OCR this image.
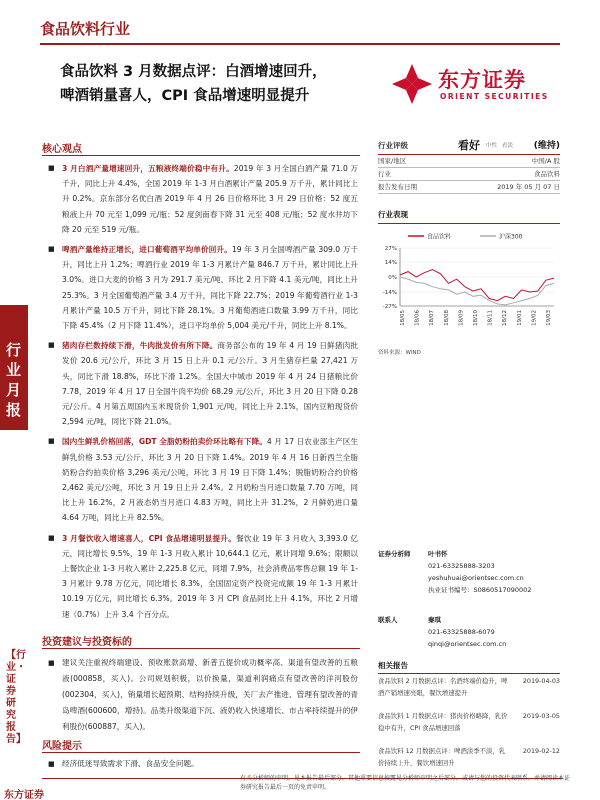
食品饮料行业
食品饮料 3 月数据点评：白酒增速回升，
啤酒销量喜人，CPI 食品增速明显提升
东方证券
ORIENT SECURITIES
行业月报
【行业・证券研究报告】
核心观点
■ 3 月白酒产量增速回升，五粮液终端价稳中有升。2019 年 3 月全国白酒产量 71.0 万千升，同比上升 4.4%，全国 2019 年 1-3 月白酒累计产量 205.9 万千升，累计同比上升 0.2%。京东部分名优白酒 2019 年 4 月 26 日价格环比 3 月 29 日价格：52 度五粮液上升 70 元至 1,099 元/瓶；52 度剑南春下降 31 元至 408 元/瓶；52 度水井坊下降 20 元至 519 元/瓶。
■ 啤酒产量维持正增长，进口葡萄酒平均单价回升。19 年 3 月全国啤酒产量 309.0 万千升，同比上升 1.2%；啤酒行业 2019 年 1-3 月累计产量 846.7 万千升，累计同比上升 3.0%。进口大麦的价格 3 月为 291.7 美元/吨，环比 2 月下降 4.1 美元/吨，同比上升 25.3%。3 月全国葡萄酒产量 3.4 万千升，同比下降 22.7%；2019 年葡萄酒行业 1-3 月累计产量 10.5 万千升，同比下降 28.1%。3 月葡萄酒进口数量 3.99 万千升，同比下降 45.4%（2 月下降 11.4%），进口平均单价 5,004 美元/千升，同比上升 8.1%。
■ 猪肉存栏数持续下滑，牛肉批发价有所下降。商务部公布的 19 年 4 月 19 日鲜猪肉批发价 20.6 元/公斤，环比 3 月 15 日上升 0.1 元/公斤。3 月生猪存栏量 27,421 万头，同比下滑 18.8%，环比下滑 1.2%。全国大中城市 2019 年 4 月 24 日猪粮比价 7.78，2019 年 4 月 17 日全国牛肉平均价 68.29 元/公斤，环比 3 月 20 日下降 0.28 元/公斤。4 月第五周国内玉米现货价 1,901 元/吨，同比上升 2.1%，国内豆粕现货价 2,594 元/吨，同比下降 21.0%。
■ 国内生鲜乳价格回落，GDT 全脂奶粉拍卖价环比略有下降。4 月 17 日农业部主产区生鲜乳价格 3.53 元/公斤，环比 3 月 20 日下降 1.4%。2019 年 4 月 16 日新西兰全脂奶粉合约拍卖价格 3,296 美元/公吨，环比 3 月 19 日下降 1.4%；脱脂奶粉合约价格 2,462 美元/公吨，环比 3 月 19 日上升 2.4%。2 月奶粉当月进口数量 7.70 万吨，同比上升 16.2%，2 月液态奶当月进口 4.83 万吨，同比上升 31.2%，2 月鲜奶进口量 4.64 万吨，同比上升 82.5%。
■ 3 月餐饮收入增速喜人，CPI 食品增速明显提升。餐饮业 19 年 3 月收入 3,393.0 亿元，同比增长 9.5%，19 年 1-3 月收入累计 10,644.1 亿元，累计同增 9.6%；限额以上餐饮企业 1-3 月收入累计 2,225.8 亿元，同增 7.9%，社会消费品零售总额 19 年 1-3 月累计 9.78 万亿元，同比增长 8.3%，全国固定资产投资完成额 19 年 1-3 月累计 10.19 万亿元，同比增长 6.3%。2019 年 3 月 CPI 食品同比上升 4.1%，环比 2 月增速（0.7%）上升 3.4 个百分点。
投资建议与投资标的
■ 建议关注重视终端建设、预收账款高增、新普五提价成功概率高、渠道有望改善的五粮液(000858，买入)。公司规划积极，以价换量，渠道利润痛点有望改善的洋河股份(002304，买入)，销量增长超预期、结构持续升级，关厂去产推进、管理有望改善的青岛啤酒(600600，增持)。品类升级渠道下沉、液奶收入快速增长、市占率持续提升的伊利股份(600887，买入)。
风险提示
■ 经济低迷导致需求下滑、食品安全问题。
行业评级	看好 中性 看淡 (维持)
国家/地区	中国/A 股
行业	食品饮料
报告发布日期	2019 年 05 月 07 日
行业表现
食品饮料	沪深300
27%
14%
0%
-14%
-27%
18/05 18/06 18/07 18/08 18/09 18/10 18/11 18/12 19/01 19/02 19/03
资料来源：WIND
证券分析师	叶书怀
021-63325888-3203
yeshuhuai@orientsec.com.cn
执业证书编号：S0860517090002
联系人	秦琪
021-63325888-6079
qinqi@orientsec.com.cn
相关报告
食品饮料 2 月数据点评：名酒终端价稳升，啤酒产销增速亮眼，餐饮增速提升
2019-04-03
食品饮料 1 月数据点评：猪肉价格略降，乳价稳中有升，CPI 食品增速回落
2019-03-05
食品饮料 12 月数据点评：啤酒淡季不淡，乳价持续上升，餐饮增速回升
2019-02-12
东方证券
有关分析师的申明，见本报告最后部分。其他重要信息披露见分析师申明之后部分，或请与您的投资代表联系。并请阅读本证券研究报告最后一页的免责申明。
